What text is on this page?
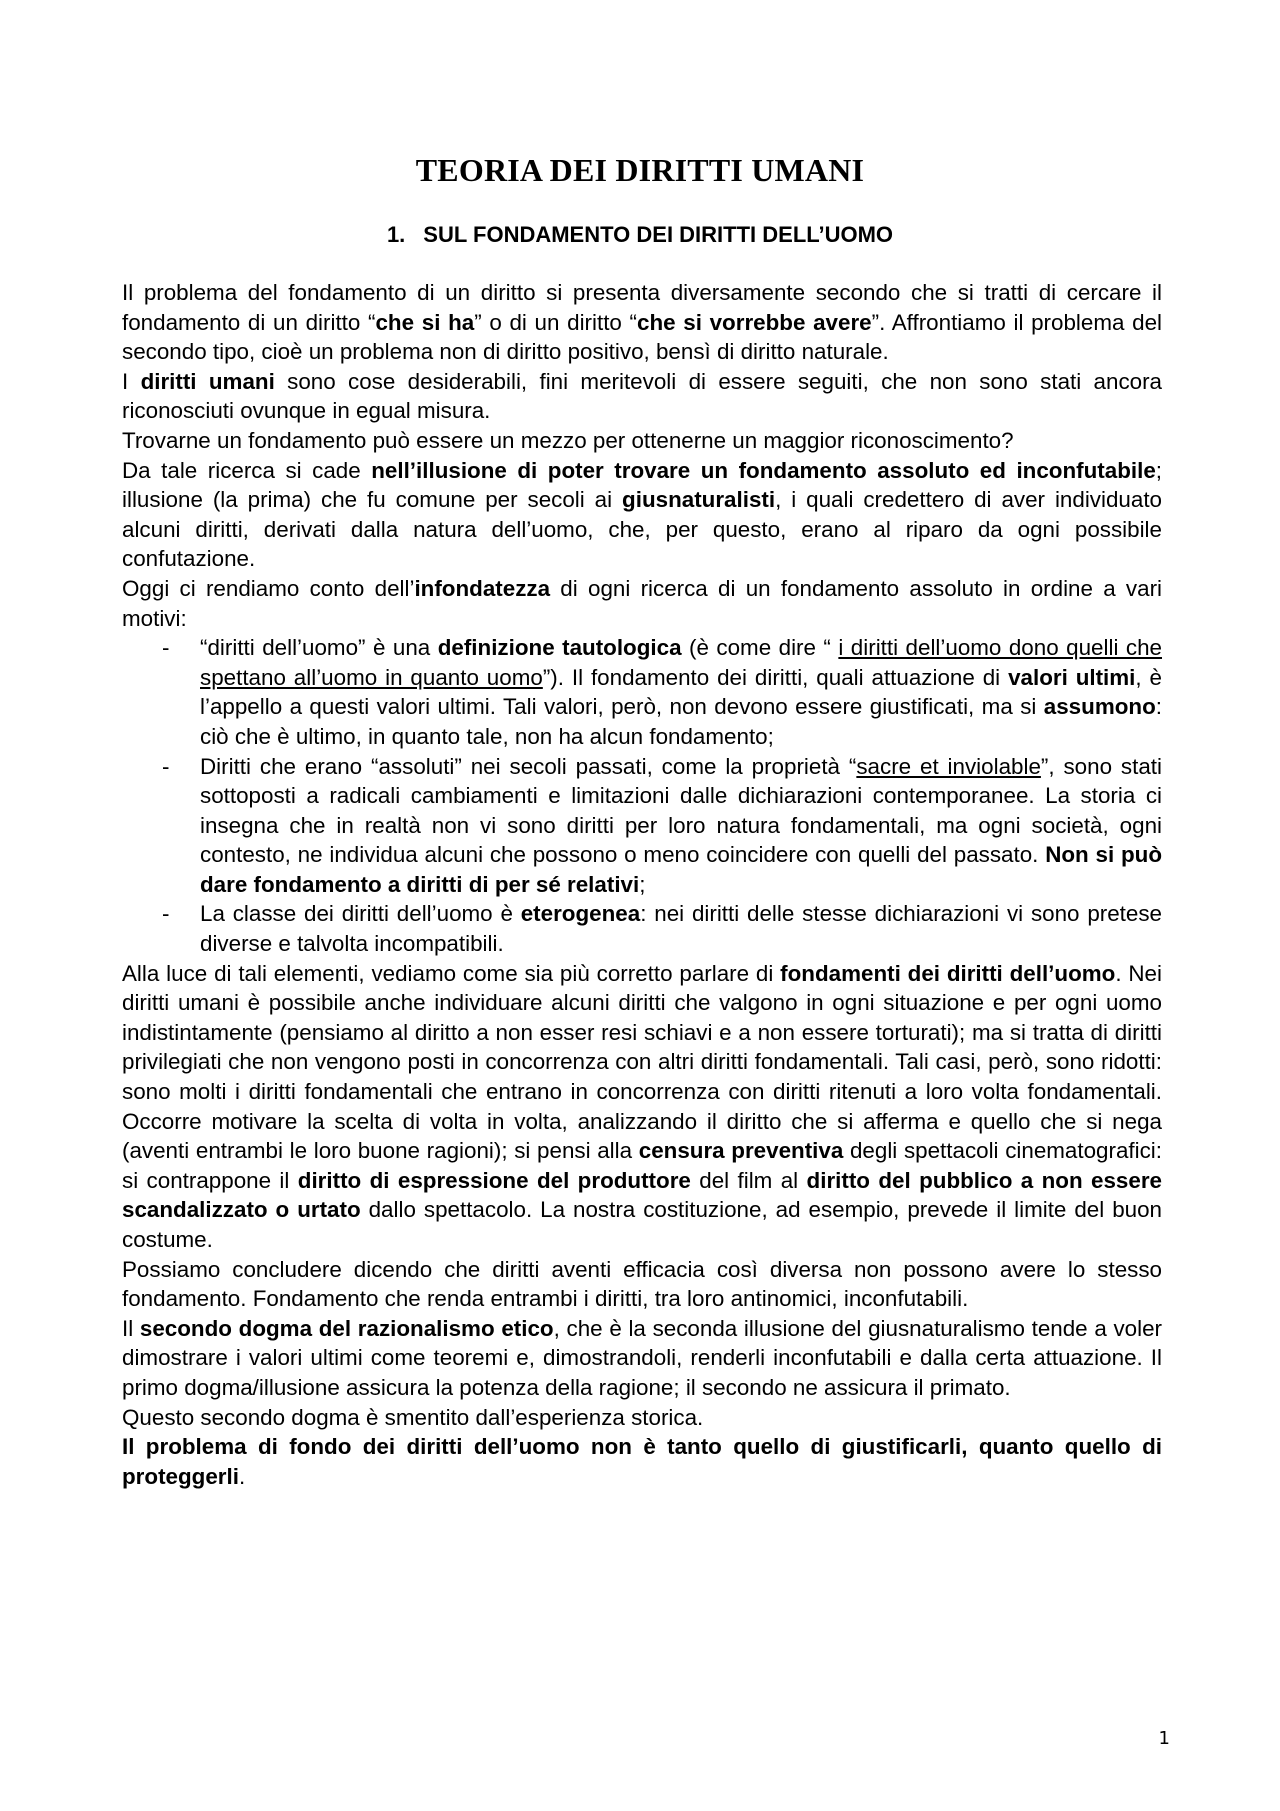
TEORIA DEI DIRITTI UMANI
1. SUL FONDAMENTO DEI DIRITTI DELL’UOMO

Il problema del fondamento di un diritto si presenta diversamente secondo che si tratti di cercare il fondamento di un diritto “che si ha” o di un diritto “che si vorrebbe avere”. Affrontiamo il problema del secondo tipo, cioè un problema non di diritto positivo, bensì di diritto naturale.

I diritti umani sono cose desiderabili, fini meritevoli di essere seguiti, che non sono stati ancora riconosciuti ovunque in egual misura.

Trovarne un fondamento può essere un mezzo per ottenerne un maggior riconoscimento?

Da tale ricerca si cade nell’illusione di poter trovare un fondamento assoluto ed inconfutabile; illusione (la prima) che fu comune per secoli ai giusnaturalisti, i quali credettero di aver individuato alcuni diritti, derivati dalla natura dell’uomo, che, per questo, erano al riparo da ogni possibile confutazione.

Oggi ci rendiamo conto dell’infondatezza di ogni ricerca di un fondamento assoluto in ordine a vari motivi:

- “diritti dell’uomo” è una definizione tautologica (è come dire “ i diritti dell’uomo dono quelli che spettano all’uomo in quanto uomo”). Il fondamento dei diritti, quali attuazione di valori ultimi, è l’appello a questi valori ultimi. Tali valori, però, non devono essere giustificati, ma si assumono: ciò che è ultimo, in quanto tale, non ha alcun fondamento;
- Diritti che erano “assoluti” nei secoli passati, come la proprietà “sacre et inviolable”, sono stati sottoposti a radicali cambiamenti e limitazioni dalle dichiarazioni contemporanee. La storia ci insegna che in realtà non vi sono diritti per loro natura fondamentali, ma ogni società, ogni contesto, ne individua alcuni che possono o meno coincidere con quelli del passato. Non si può dare fondamento a diritti di per sé relativi;
- La classe dei diritti dell’uomo è eterogenea: nei diritti delle stesse dichiarazioni vi sono pretese diverse e talvolta incompatibili.

Alla luce di tali elementi, vediamo come sia più corretto parlare di fondamenti dei diritti dell’uomo. Nei diritti umani è possibile anche individuare alcuni diritti che valgono in ogni situazione e per ogni uomo indistintamente (pensiamo al diritto a non esser resi schiavi e a non essere torturati); ma si tratta di diritti privilegiati che non vengono posti in concorrenza con altri diritti fondamentali. Tali casi, però, sono ridotti: sono molti i diritti fondamentali che entrano in concorrenza con diritti ritenuti a loro volta fondamentali. Occorre motivare la scelta di volta in volta, analizzando il diritto che si afferma e quello che si nega (aventi entrambi le loro buone ragioni); si pensi alla censura preventiva degli spettacoli cinematografici: si contrappone il diritto di espressione del produttore del film al diritto del pubblico a non essere scandalizzato o urtato dallo spettacolo. La nostra costituzione, ad esempio, prevede il limite del buon costume.

Possiamo concludere dicendo che diritti aventi efficacia così diversa non possono avere lo stesso fondamento. Fondamento che renda entrambi i diritti, tra loro antinomici, inconfutabili.

Il secondo dogma del razionalismo etico, che è la seconda illusione del giusnaturalismo tende a voler dimostrare i valori ultimi come teoremi e, dimostrandoli, renderli inconfutabili e dalla certa attuazione. Il primo dogma/illusione assicura la potenza della ragione; il secondo ne assicura il primato.

Questo secondo dogma è smentito dall’esperienza storica.

Il problema di fondo dei diritti dell’uomo non è tanto quello di giustificarli, quanto quello di proteggerli.

1
